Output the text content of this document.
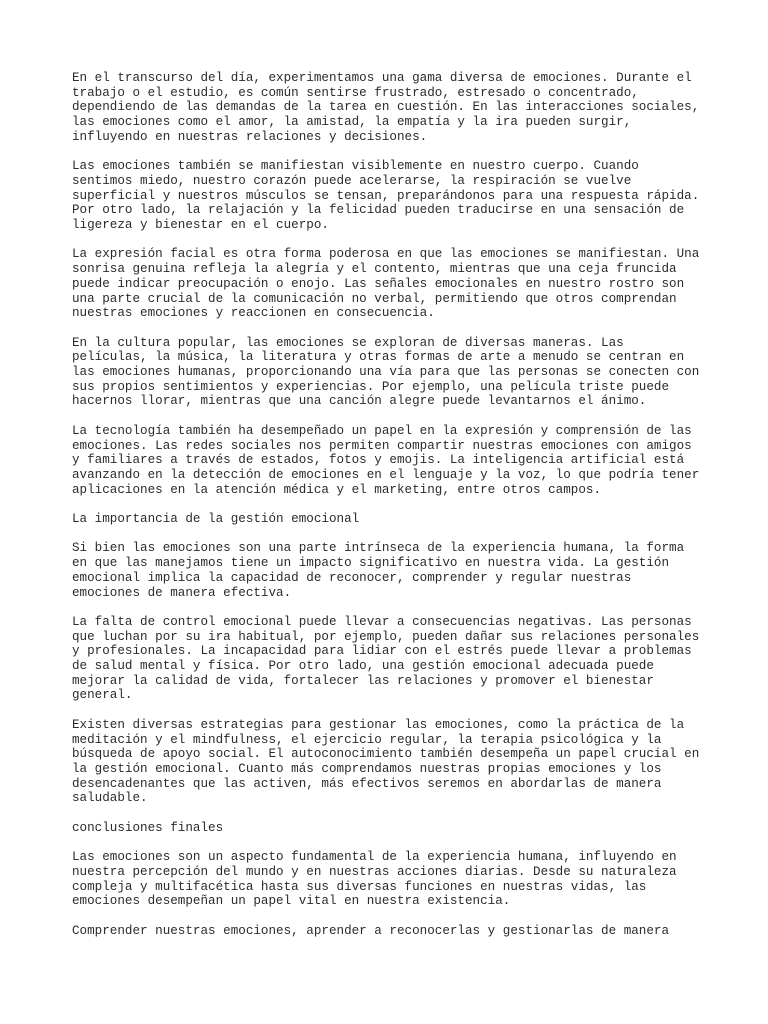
En el transcurso del día, experimentamos una gama diversa de emociones. Durante el
trabajo o el estudio, es común sentirse frustrado, estresado o concentrado,
dependiendo de las demandas de la tarea en cuestión. En las interacciones sociales,
las emociones como el amor, la amistad, la empatía y la ira pueden surgir,
influyendo en nuestras relaciones y decisiones.
Las emociones también se manifiestan visiblemente en nuestro cuerpo. Cuando
sentimos miedo, nuestro corazón puede acelerarse, la respiración se vuelve
superficial y nuestros músculos se tensan, preparándonos para una respuesta rápida.
Por otro lado, la relajación y la felicidad pueden traducirse en una sensación de
ligereza y bienestar en el cuerpo.
La expresión facial es otra forma poderosa en que las emociones se manifiestan. Una
sonrisa genuina refleja la alegría y el contento, mientras que una ceja fruncida
puede indicar preocupación o enojo. Las señales emocionales en nuestro rostro son
una parte crucial de la comunicación no verbal, permitiendo que otros comprendan
nuestras emociones y reaccionen en consecuencia.
En la cultura popular, las emociones se exploran de diversas maneras. Las
películas, la música, la literatura y otras formas de arte a menudo se centran en
las emociones humanas, proporcionando una vía para que las personas se conecten con
sus propios sentimientos y experiencias. Por ejemplo, una película triste puede
hacernos llorar, mientras que una canción alegre puede levantarnos el ánimo.
La tecnología también ha desempeñado un papel en la expresión y comprensión de las
emociones. Las redes sociales nos permiten compartir nuestras emociones con amigos
y familiares a través de estados, fotos y emojis. La inteligencia artificial está
avanzando en la detección de emociones en el lenguaje y la voz, lo que podría tener
aplicaciones en la atención médica y el marketing, entre otros campos.
La importancia de la gestión emocional
Si bien las emociones son una parte intrínseca de la experiencia humana, la forma
en que las manejamos tiene un impacto significativo en nuestra vida. La gestión
emocional implica la capacidad de reconocer, comprender y regular nuestras
emociones de manera efectiva.
La falta de control emocional puede llevar a consecuencias negativas. Las personas
que luchan por su ira habitual, por ejemplo, pueden dañar sus relaciones personales
y profesionales. La incapacidad para lidiar con el estrés puede llevar a problemas
de salud mental y física. Por otro lado, una gestión emocional adecuada puede
mejorar la calidad de vida, fortalecer las relaciones y promover el bienestar
general.
Existen diversas estrategias para gestionar las emociones, como la práctica de la
meditación y el mindfulness, el ejercicio regular, la terapia psicológica y la
búsqueda de apoyo social. El autoconocimiento también desempeña un papel crucial en
la gestión emocional. Cuanto más comprendamos nuestras propias emociones y los
desencadenantes que las activen, más efectivos seremos en abordarlas de manera
saludable.
conclusiones finales
Las emociones son un aspecto fundamental de la experiencia humana, influyendo en
nuestra percepción del mundo y en nuestras acciones diarias. Desde su naturaleza
compleja y multifacética hasta sus diversas funciones en nuestras vidas, las
emociones desempeñan un papel vital en nuestra existencia.
Comprender nuestras emociones, aprender a reconocerlas y gestionarlas de manera
